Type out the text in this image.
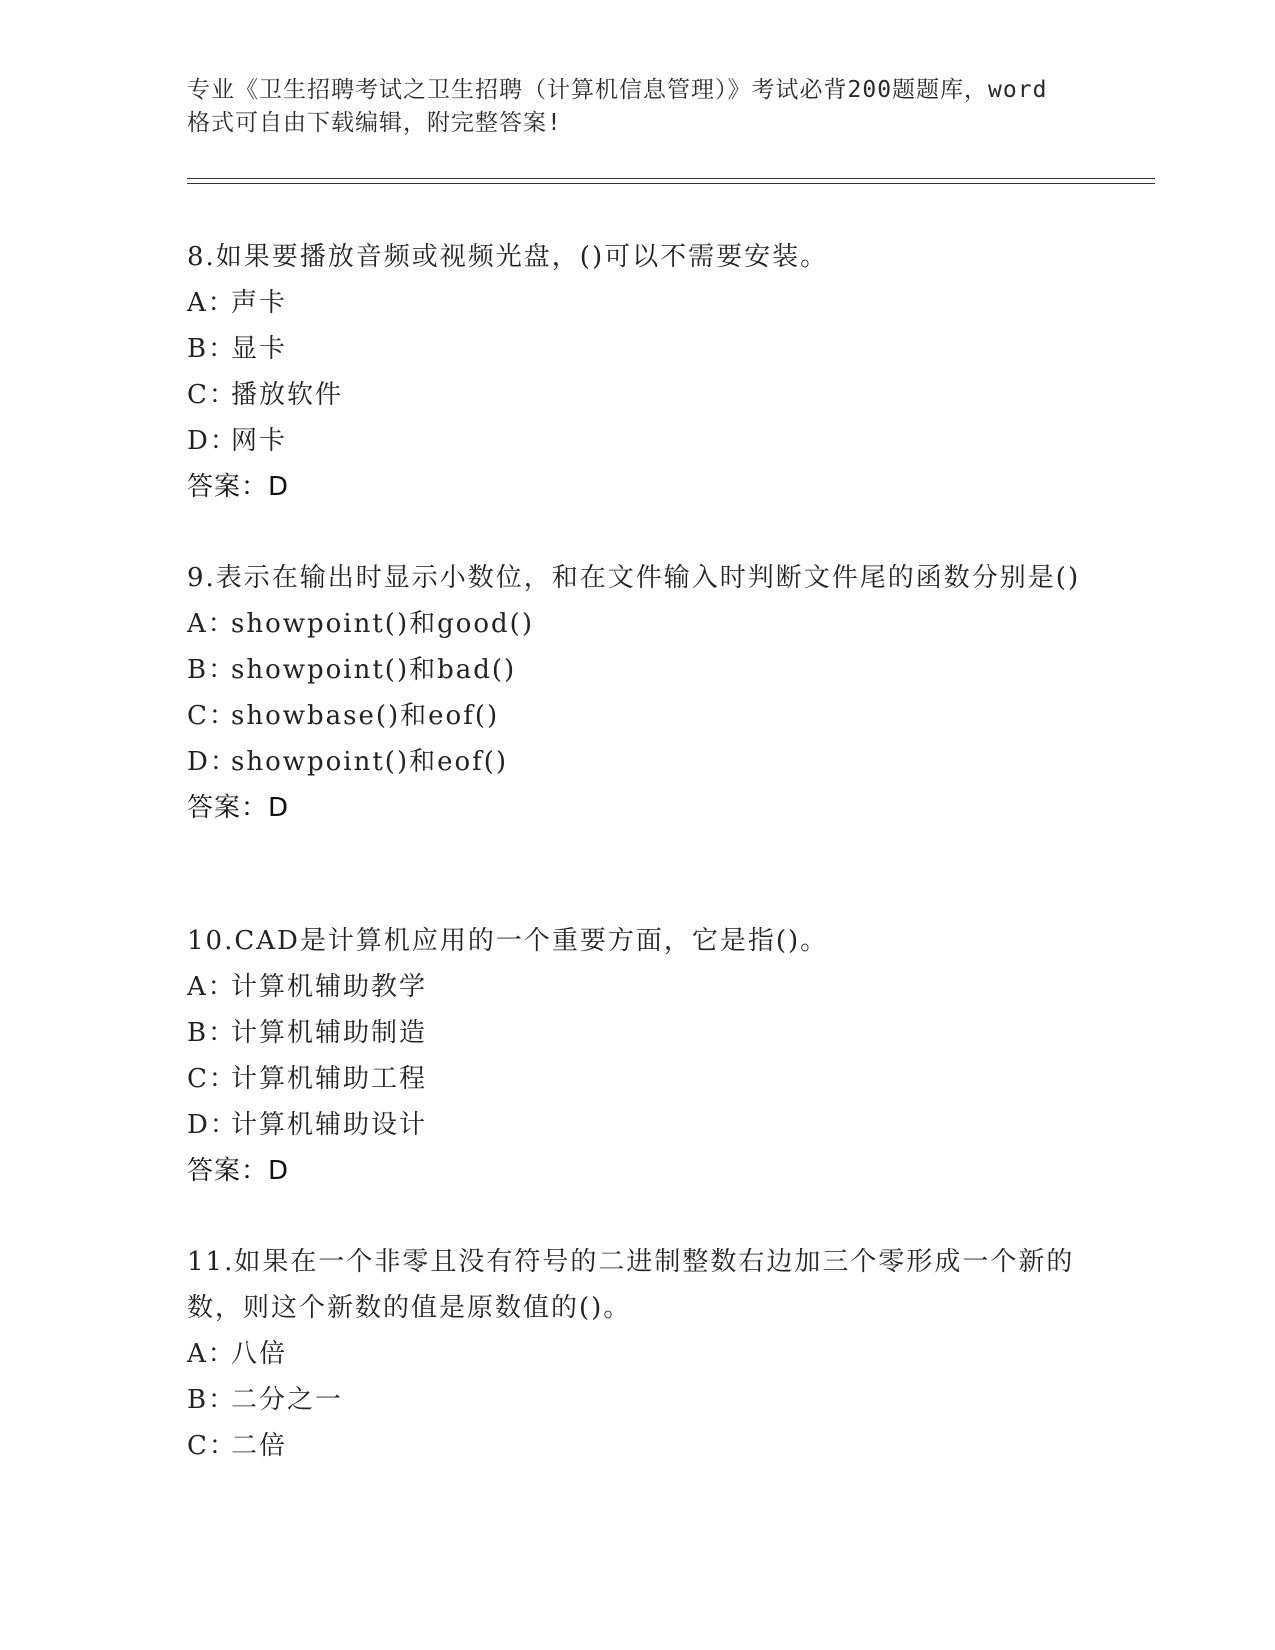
专业《卫生招聘考试之卫生招聘（计算机信息管理）》考试必背200题题库，word
格式可自由下载编辑，附完整答案!

8.如果要播放音频或视频光盘，()可以不需要安装。

A：声卡

B：显卡

C：播放软件

D：网卡

答案：D

9.表示在输出时显示小数位，和在文件输入时判断文件尾的函数分别是()

A：showpoint()和good()

B：showpoint()和bad()

C：showbase()和eof()

D：showpoint()和eof()

答案：D

10.CAD是计算机应用的一个重要方面，它是指()。

A：计算机辅助教学

B：计算机辅助制造

C：计算机辅助工程

D：计算机辅助设计

答案：D

11.如果在一个非零且没有符号的二进制整数右边加三个零形成一个新的数，则这个新数的值是原数值的()。

A：八倍

B：二分之一

C：二倍
